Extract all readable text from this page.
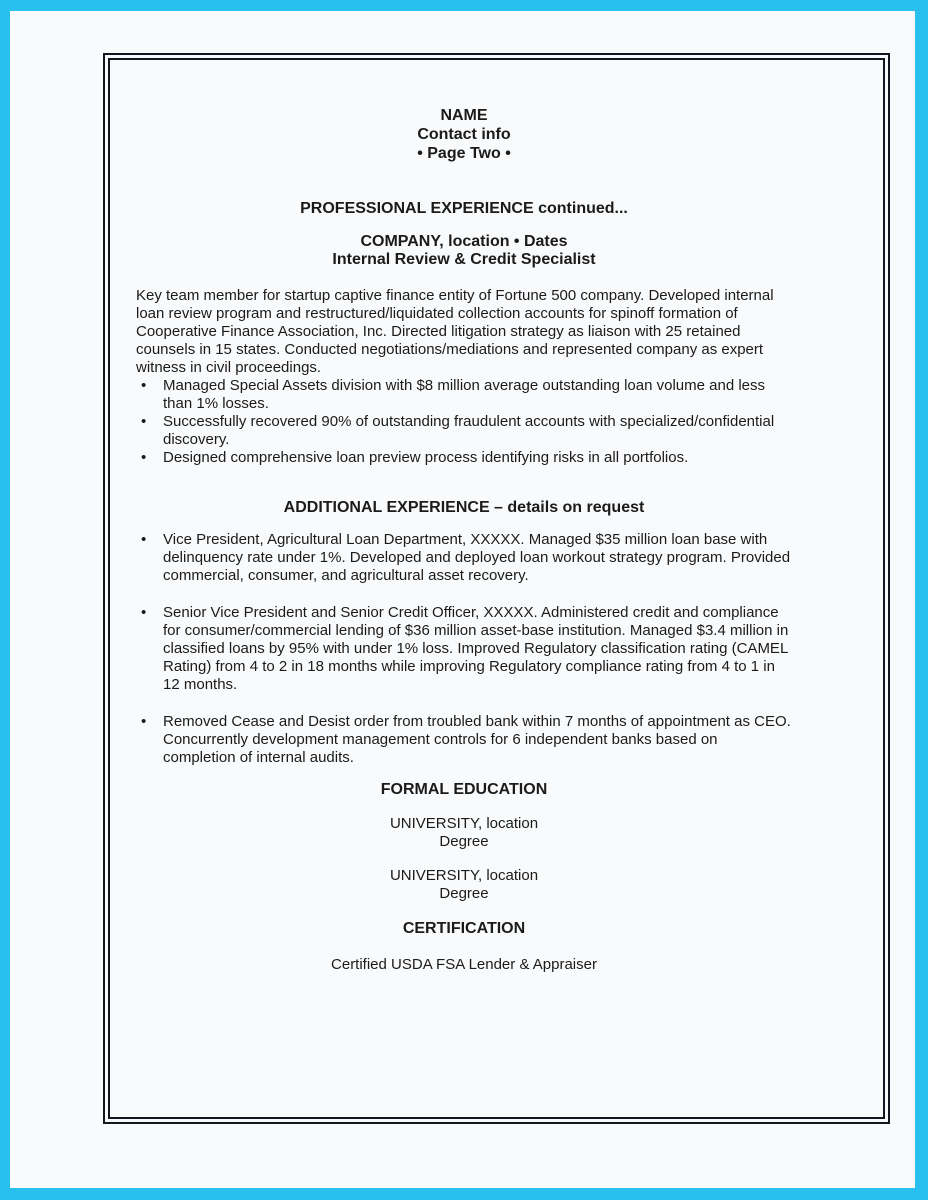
NAME
Contact info
• Page Two •
PROFESSIONAL EXPERIENCE continued...
COMPANY, location • Dates
Internal Review & Credit Specialist
Key team member for startup captive finance entity of Fortune 500 company. Developed internal loan review program and restructured/liquidated collection accounts for spinoff formation of Cooperative Finance Association, Inc. Directed litigation strategy as liaison with 25 retained counsels in 15 states. Conducted negotiations/mediations and represented company as expert witness in civil proceedings.
•	Managed Special Assets division with $8 million average outstanding loan volume and less than 1% losses.
•	Successfully recovered 90% of outstanding fraudulent accounts with specialized/confidential discovery.
•	Designed comprehensive loan preview process identifying risks in all portfolios.
ADDITIONAL EXPERIENCE – details on request
•	Vice President, Agricultural Loan Department, XXXXX. Managed $35 million loan base with delinquency rate under 1%. Developed and deployed loan workout strategy program. Provided commercial, consumer, and agricultural asset recovery.
•	Senior Vice President and Senior Credit Officer, XXXXX. Administered credit and compliance for consumer/commercial lending of $36 million asset-base institution. Managed $3.4 million in classified loans by 95% with under 1% loss. Improved Regulatory classification rating (CAMEL Rating) from 4 to 2 in 18 months while improving Regulatory compliance rating from 4 to 1 in 12 months.
•	Removed Cease and Desist order from troubled bank within 7 months of appointment as CEO. Concurrently development management controls for 6 independent banks based on completion of internal audits.
FORMAL EDUCATION
UNIVERSITY, location
Degree
UNIVERSITY, location
Degree
CERTIFICATION
Certified USDA FSA Lender & Appraiser
